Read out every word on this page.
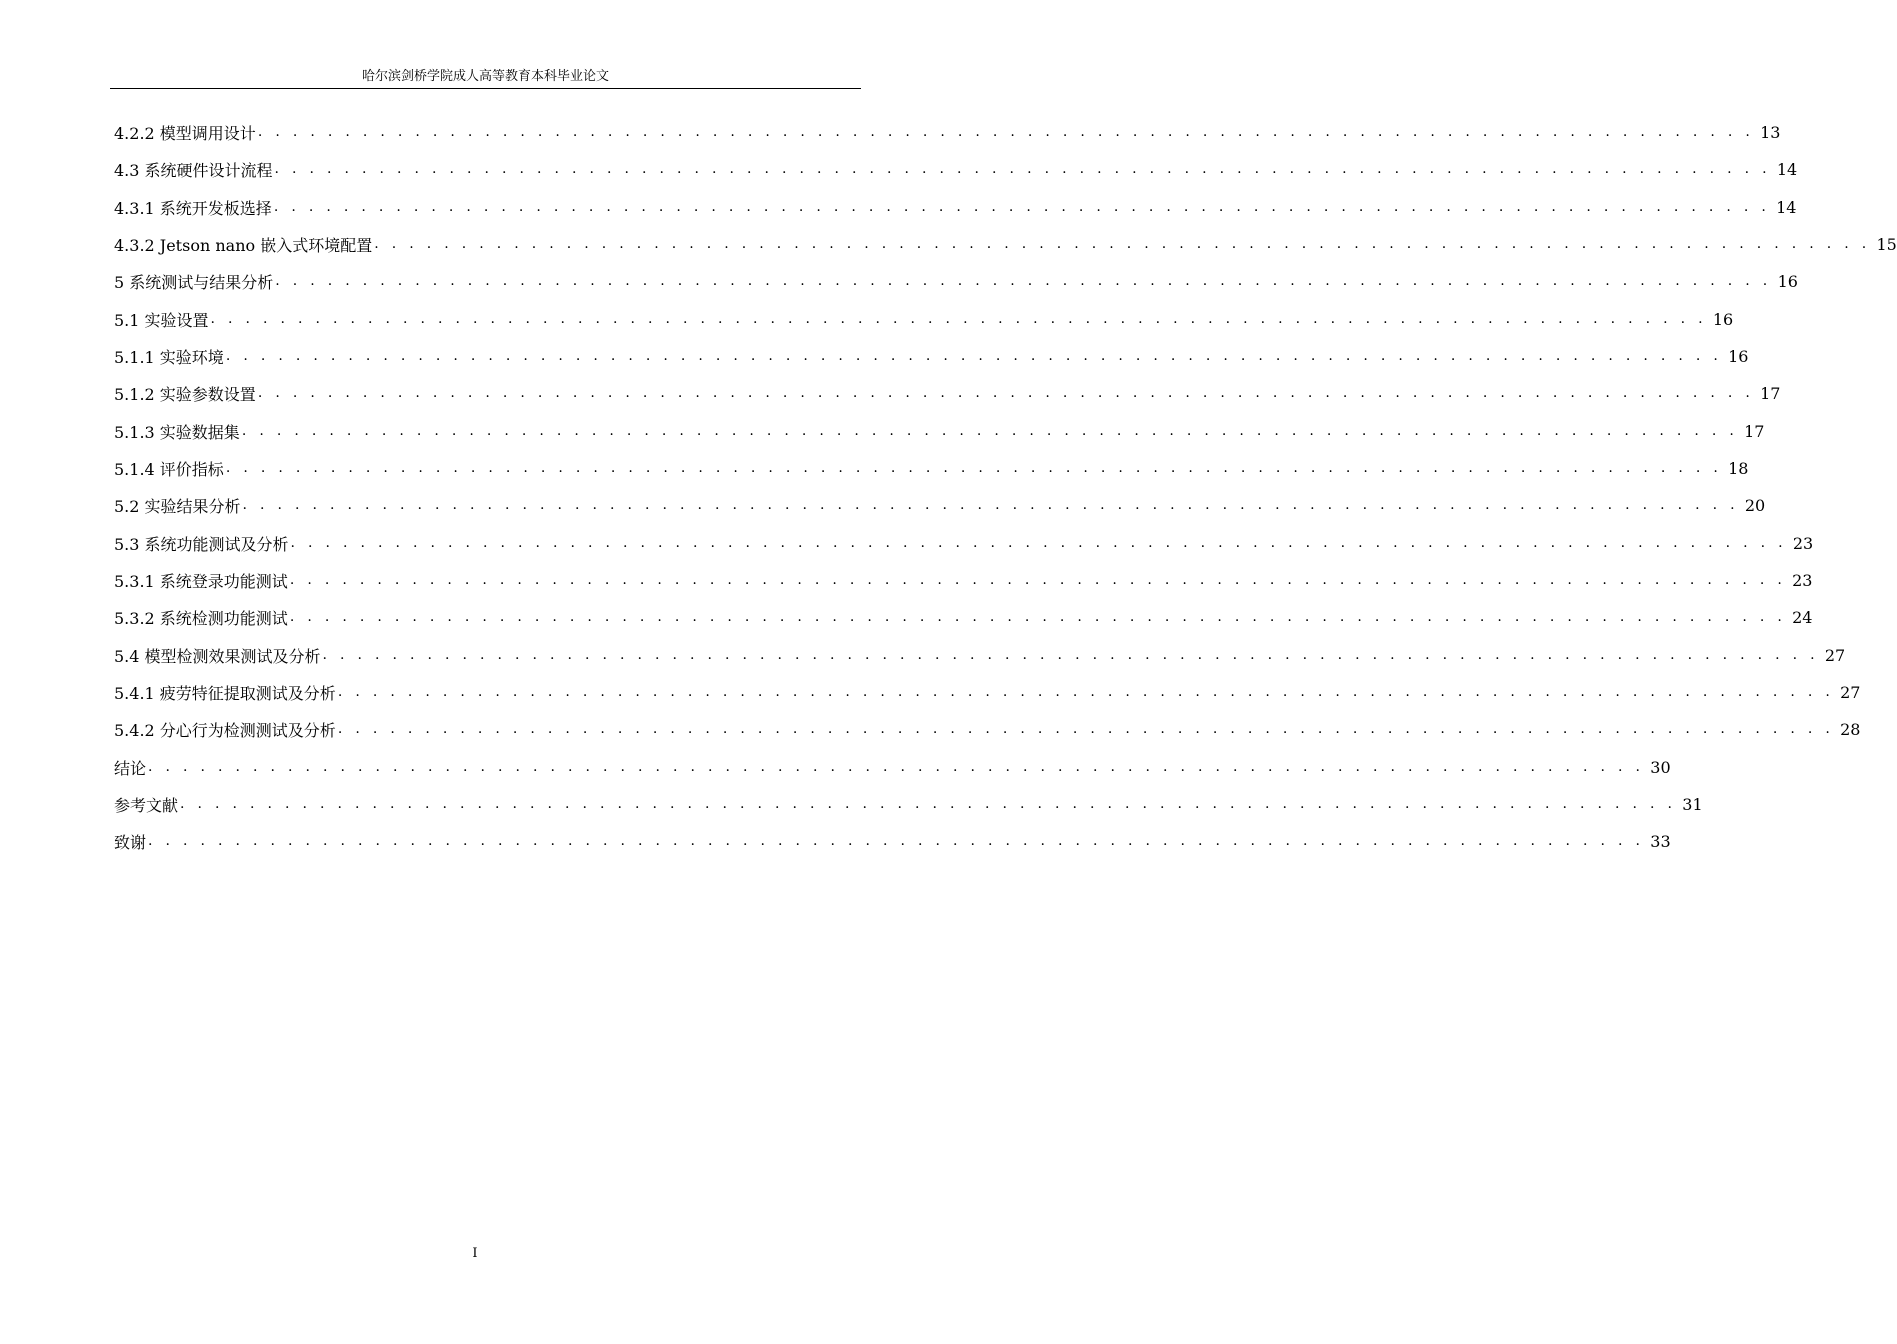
哈尔滨剑桥学院成人高等教育本科毕业论文
4.2.2 模型调用设计 . . . . . . . . . . . . . . . . . . . . . . . . . . . . . . . . . . . . . . . . . . . . . . . . . . . . . . . . . . . . . . . . . . . . . . . . . . . . . . . . . . . . . . 13
4.3 系统硬件设计流程 . . . . . . . . . . . . . . . . . . . . . . . . . . . . . . . . . . . . . . . . . . . . . . . . . . . . . . . . . . . . . . . . . . . . . . . . . . . . . . . . . . . . . . 14
4.3.1 系统开发板选择 . . . . . . . . . . . . . . . . . . . . . . . . . . . . . . . . . . . . . . . . . . . . . . . . . . . . . . . . . . . . . . . . . . . . . . . . . . . . . . . . . . . . . . 14
4.3.2 Jetson nano 嵌入式环境配置 . . . . . . . . . . . . . . . . . . . . . . . . . . . . . . . . . . . . . . . . . . . . . . . . . . . . . . . . . . . . . . . . . . . . . . . . . . . . . . . . . . . . . . 15
5 系统测试与结果分析 . . . . . . . . . . . . . . . . . . . . . . . . . . . . . . . . . . . . . . . . . . . . . . . . . . . . . . . . . . . . . . . . . . . . . . . . . . . . . . . . . . . . . . 16
5.1 实验设置 . . . . . . . . . . . . . . . . . . . . . . . . . . . . . . . . . . . . . . . . . . . . . . . . . . . . . . . . . . . . . . . . . . . . . . . . . . . . . . . . . . . . . . 16
5.1.1 实验环境 . . . . . . . . . . . . . . . . . . . . . . . . . . . . . . . . . . . . . . . . . . . . . . . . . . . . . . . . . . . . . . . . . . . . . . . . . . . . . . . . . . . . . . 16
5.1.2 实验参数设置 . . . . . . . . . . . . . . . . . . . . . . . . . . . . . . . . . . . . . . . . . . . . . . . . . . . . . . . . . . . . . . . . . . . . . . . . . . . . . . . . . . . . . . 17
5.1.3 实验数据集 . . . . . . . . . . . . . . . . . . . . . . . . . . . . . . . . . . . . . . . . . . . . . . . . . . . . . . . . . . . . . . . . . . . . . . . . . . . . . . . . . . . . . . 17
5.1.4 评价指标 . . . . . . . . . . . . . . . . . . . . . . . . . . . . . . . . . . . . . . . . . . . . . . . . . . . . . . . . . . . . . . . . . . . . . . . . . . . . . . . . . . . . . . 18
5.2 实验结果分析 . . . . . . . . . . . . . . . . . . . . . . . . . . . . . . . . . . . . . . . . . . . . . . . . . . . . . . . . . . . . . . . . . . . . . . . . . . . . . . . . . . . . . . 20
5.3 系统功能测试及分析 . . . . . . . . . . . . . . . . . . . . . . . . . . . . . . . . . . . . . . . . . . . . . . . . . . . . . . . . . . . . . . . . . . . . . . . . . . . . . . . . . . . . . . 23
5.3.1 系统登录功能测试 . . . . . . . . . . . . . . . . . . . . . . . . . . . . . . . . . . . . . . . . . . . . . . . . . . . . . . . . . . . . . . . . . . . . . . . . . . . . . . . . . . . . . . 23
5.3.2 系统检测功能测试 . . . . . . . . . . . . . . . . . . . . . . . . . . . . . . . . . . . . . . . . . . . . . . . . . . . . . . . . . . . . . . . . . . . . . . . . . . . . . . . . . . . . . . 24
5.4 模型检测效果测试及分析 . . . . . . . . . . . . . . . . . . . . . . . . . . . . . . . . . . . . . . . . . . . . . . . . . . . . . . . . . . . . . . . . . . . . . . . . . . . . . . . . . . . . . . 27
5.4.1 疲劳特征提取测试及分析 . . . . . . . . . . . . . . . . . . . . . . . . . . . . . . . . . . . . . . . . . . . . . . . . . . . . . . . . . . . . . . . . . . . . . . . . . . . . . . . . . . . . . . 27
5.4.2 分心行为检测测试及分析 . . . . . . . . . . . . . . . . . . . . . . . . . . . . . . . . . . . . . . . . . . . . . . . . . . . . . . . . . . . . . . . . . . . . . . . . . . . . . . . . . . . . . . 28
结论 . . . . . . . . . . . . . . . . . . . . . . . . . . . . . . . . . . . . . . . . . . . . . . . . . . . . . . . . . . . . . . . . . . . . . . . . . . . . . . . . . . . . . . 30
参考文献 . . . . . . . . . . . . . . . . . . . . . . . . . . . . . . . . . . . . . . . . . . . . . . . . . . . . . . . . . . . . . . . . . . . . . . . . . . . . . . . . . . . . . . 31
致谢 . . . . . . . . . . . . . . . . . . . . . . . . . . . . . . . . . . . . . . . . . . . . . . . . . . . . . . . . . . . . . . . . . . . . . . . . . . . . . . . . . . . . . . 33
I
